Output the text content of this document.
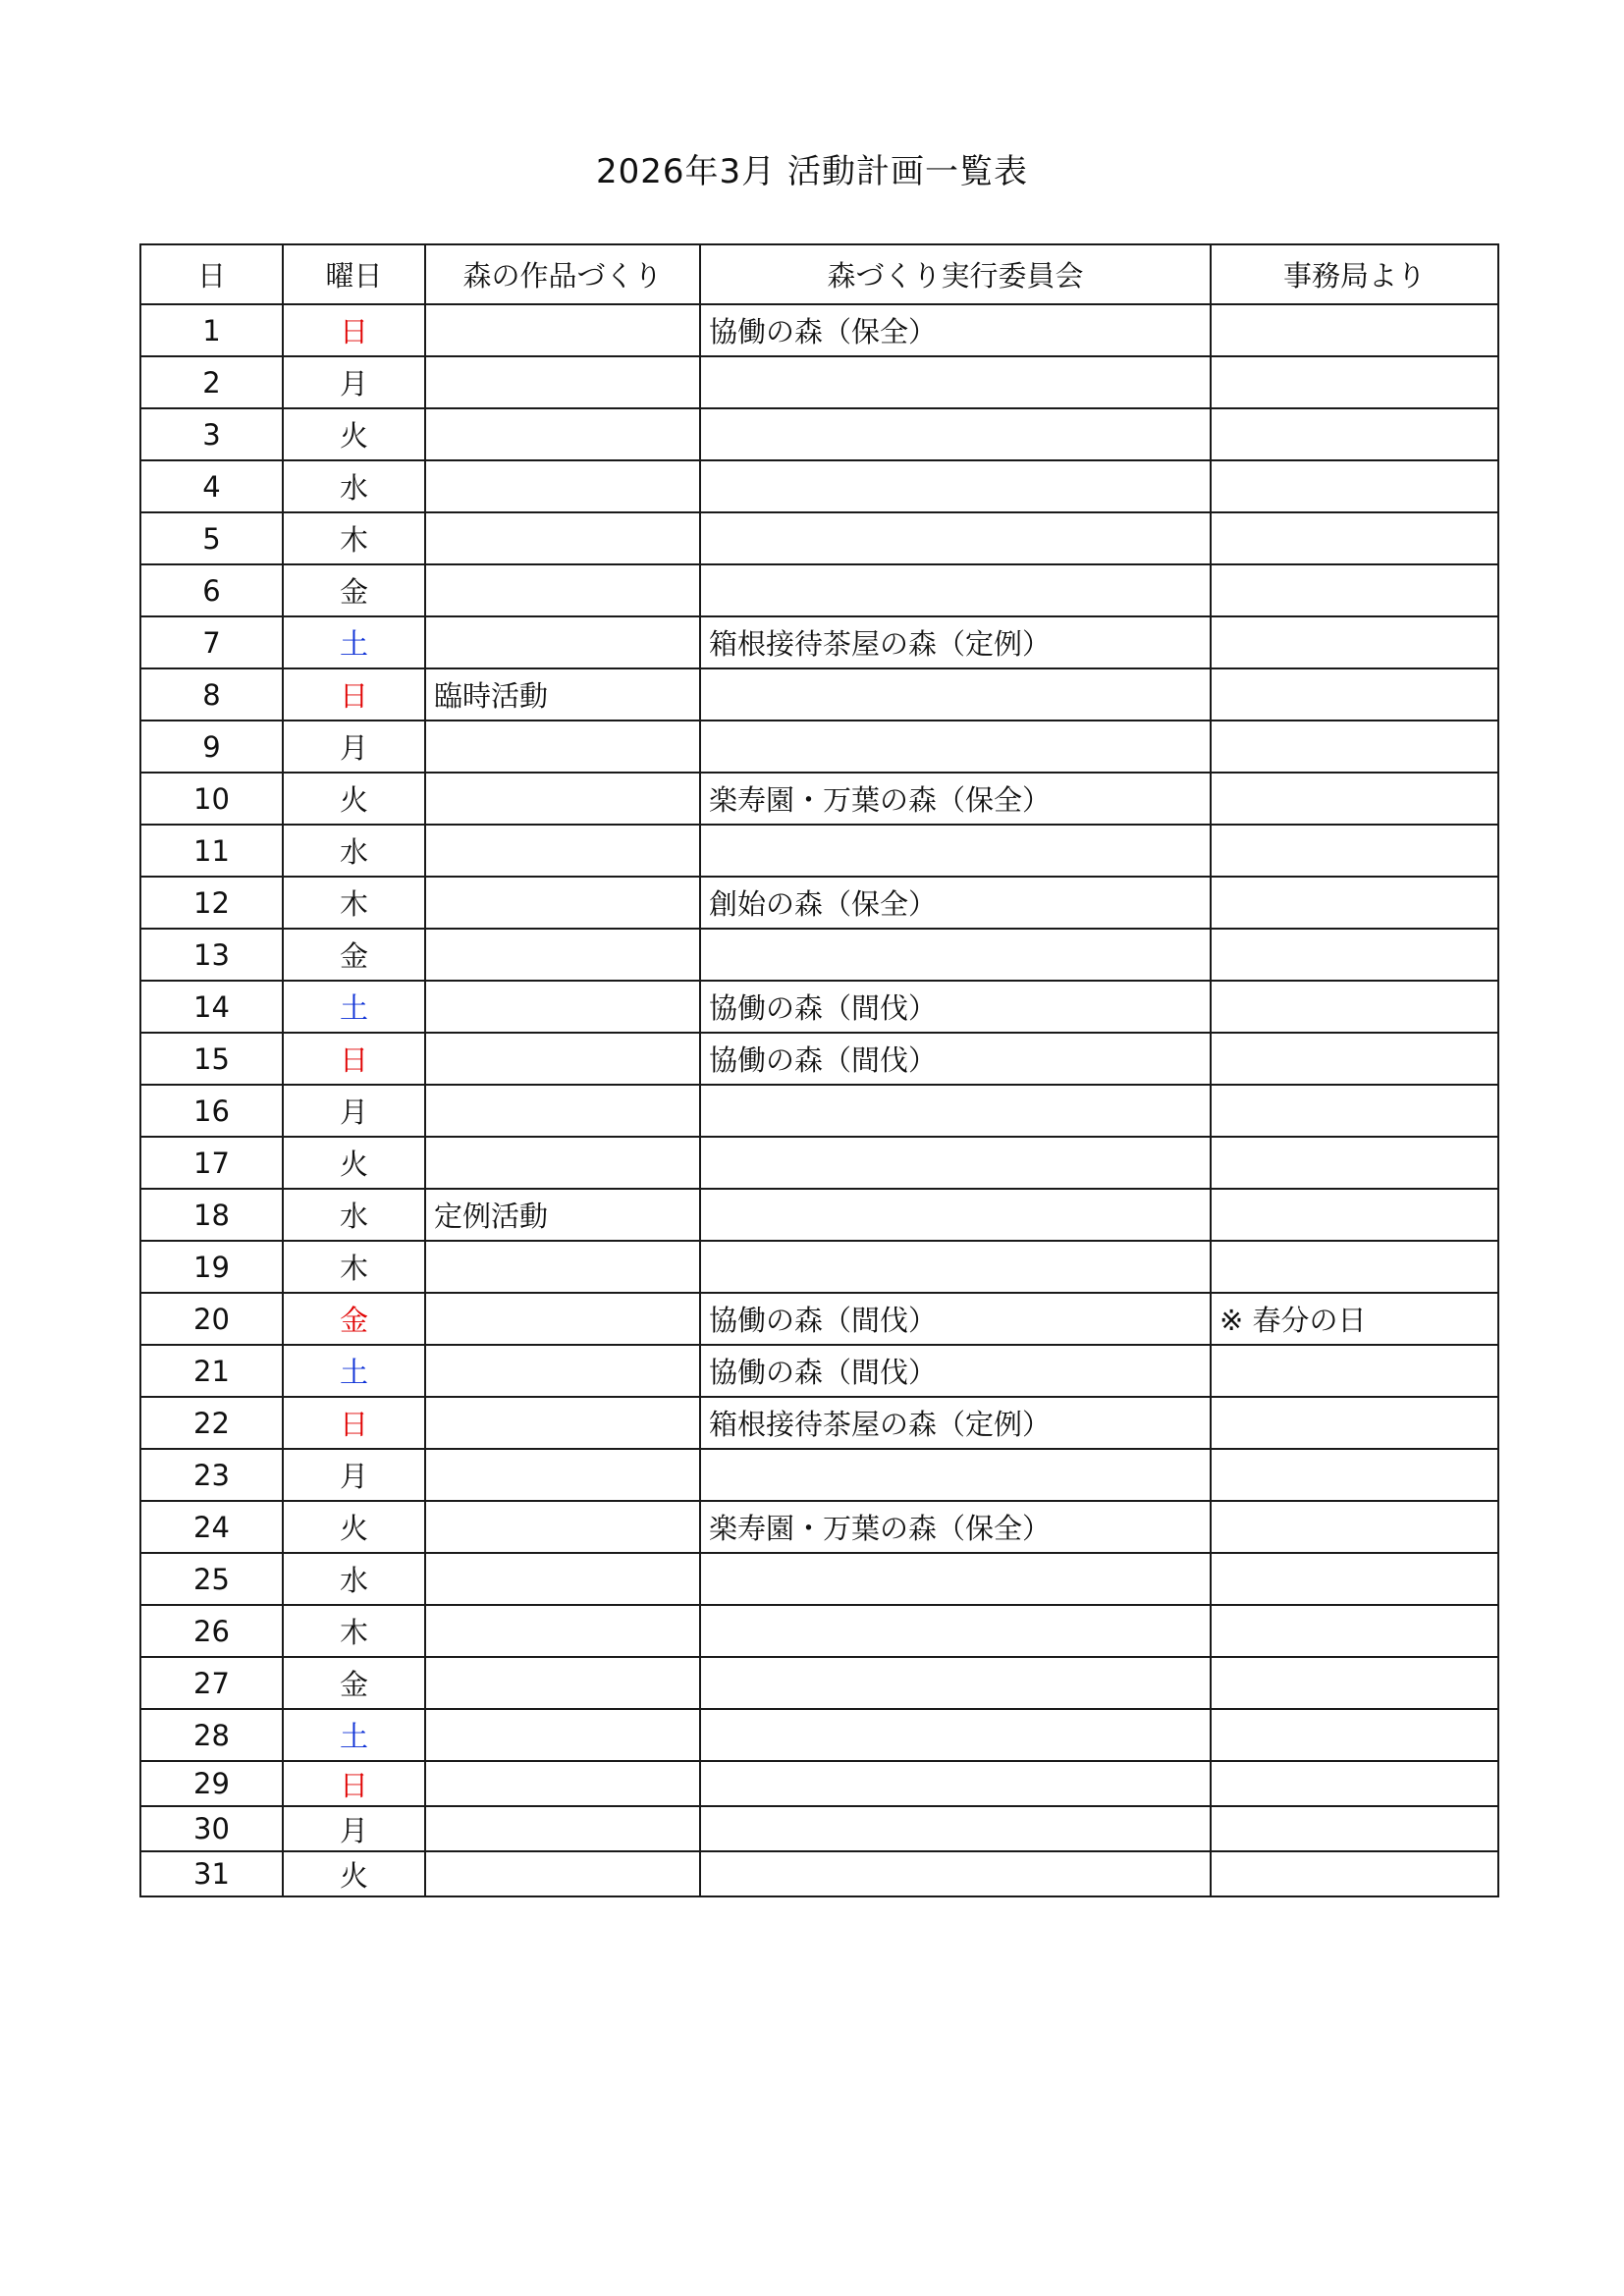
2026年3月 活動計画一覧表
日	曜日	森の作品づくり	森づくり実行委員会	事務局より
1	日		協働の森（保全）	
2	月			
3	火			
4	水			
5	木			
6	金			
7	土		箱根接待茶屋の森（定例）	
8	日	臨時活動		
9	月			
10	火		楽寿園・万葉の森（保全）	
11	水			
12	木		創始の森（保全）	
13	金			
14	土		協働の森（間伐）	
15	日		協働の森（間伐）	
16	月			
17	火			
18	水	定例活動		
19	木			
20	金		協働の森（間伐）	※ 春分の日
21	土		協働の森（間伐）	
22	日		箱根接待茶屋の森（定例）	
23	月			
24	火		楽寿園・万葉の森（保全）	
25	水			
26	木			
27	金			
28	土			
29	日			
30	月			
31	火			
